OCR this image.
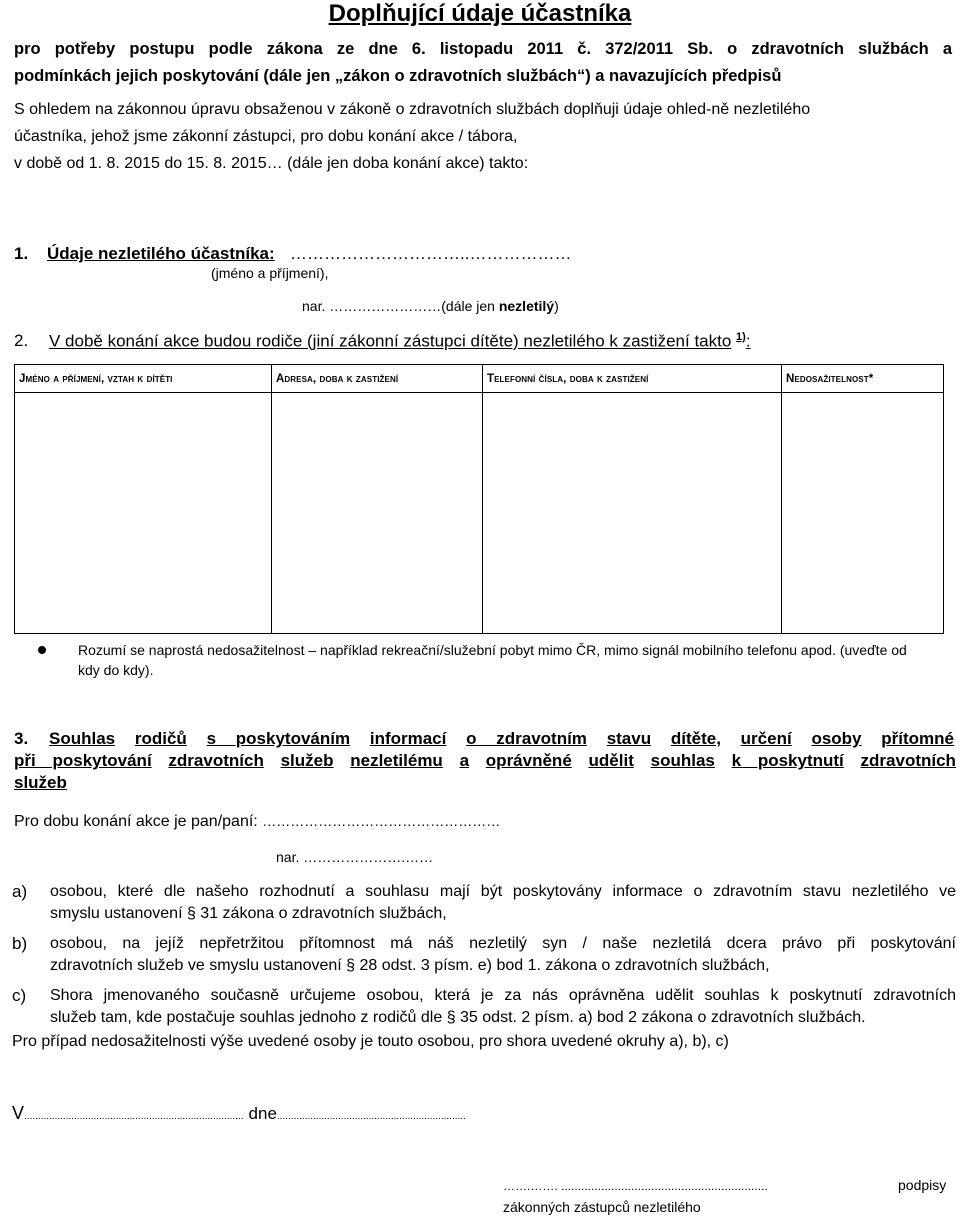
Doplňující údaje účastníka
pro potřeby postupu podle zákona ze dne 6. listopadu 2011 č. 372/2011 Sb. o zdravotních službách a
podmínkách jejich poskytování (dále jen „zákon o zdravotních službách“) a navazujících předpisů
S ohledem na zákonnou úpravu obsaženou v zákoně o zdravotních službách doplňuji údaje ohled-ně nezletilého
účastníka, jehož jsme zákonní zástupci, pro dobu konání akce / tábora,
v době od 1. 8. 2015 do 15. 8. 2015… (dále jen doba konání akce) takto:
1. Údaje nezletilého účastníka: …………………………..………………
(jméno a příjmení),
nar. ……………………(dále jen nezletilý)
2. V době konání akce budou rodiče (jiní zákonní zástupci dítěte) nezletilého k zastižení takto $^{1)}$:
Jméno a příjmení, vztah k dítěti	Adresa, doba k zastižení	Telefonní čísla, doba k zastižení	Nedosažitelnost*

Rozumí se naprostá nedosažitelnost – například rekreační/služební pobyt mimo ČR, mimo signál mobilního telefonu apod. (uveďte od
kdy do kdy).
3. Souhlas rodičů s poskytováním informací o zdravotním stavu dítěte, určení osoby přítomné
při poskytování zdravotních služeb nezletilému a oprávněné udělit souhlas k poskytnutí zdravotních
služeb
Pro dobu konání akce je pan/paní: ……………………………………………
nar. ………………….……
a) osobou, které dle našeho rozhodnutí a souhlasu mají být poskytovány informace o zdravotním stavu nezletilého ve
smyslu ustanovení § 31 zákona o zdravotních službách,
b) osobou, na jejíž nepřetržitou přítomnost má náš nezletilý syn / naše nezletilá dcera právo při poskytování
zdravotních služeb ve smyslu ustanovení § 28 odst. 3 písm. e) bod 1. zákona o zdravotních službách,
c) Shora jmenovaného současně určujeme osobou, která je za nás oprávněna udělit souhlas k poskytnutí zdravotních
služeb tam, kde postačuje souhlas jednoho z rodičů dle § 35 odst. 2 písm. a) bod 2 zákona o zdravotních službách.
Pro případ nedosažitelnosti výše uvedené osoby je touto osobou, pro shora uvedené okruhy a), b), c)
V............................................................................... dne....................................................................
…….……. ..............................................................	podpisy
zákonných zástupců nezletilého
